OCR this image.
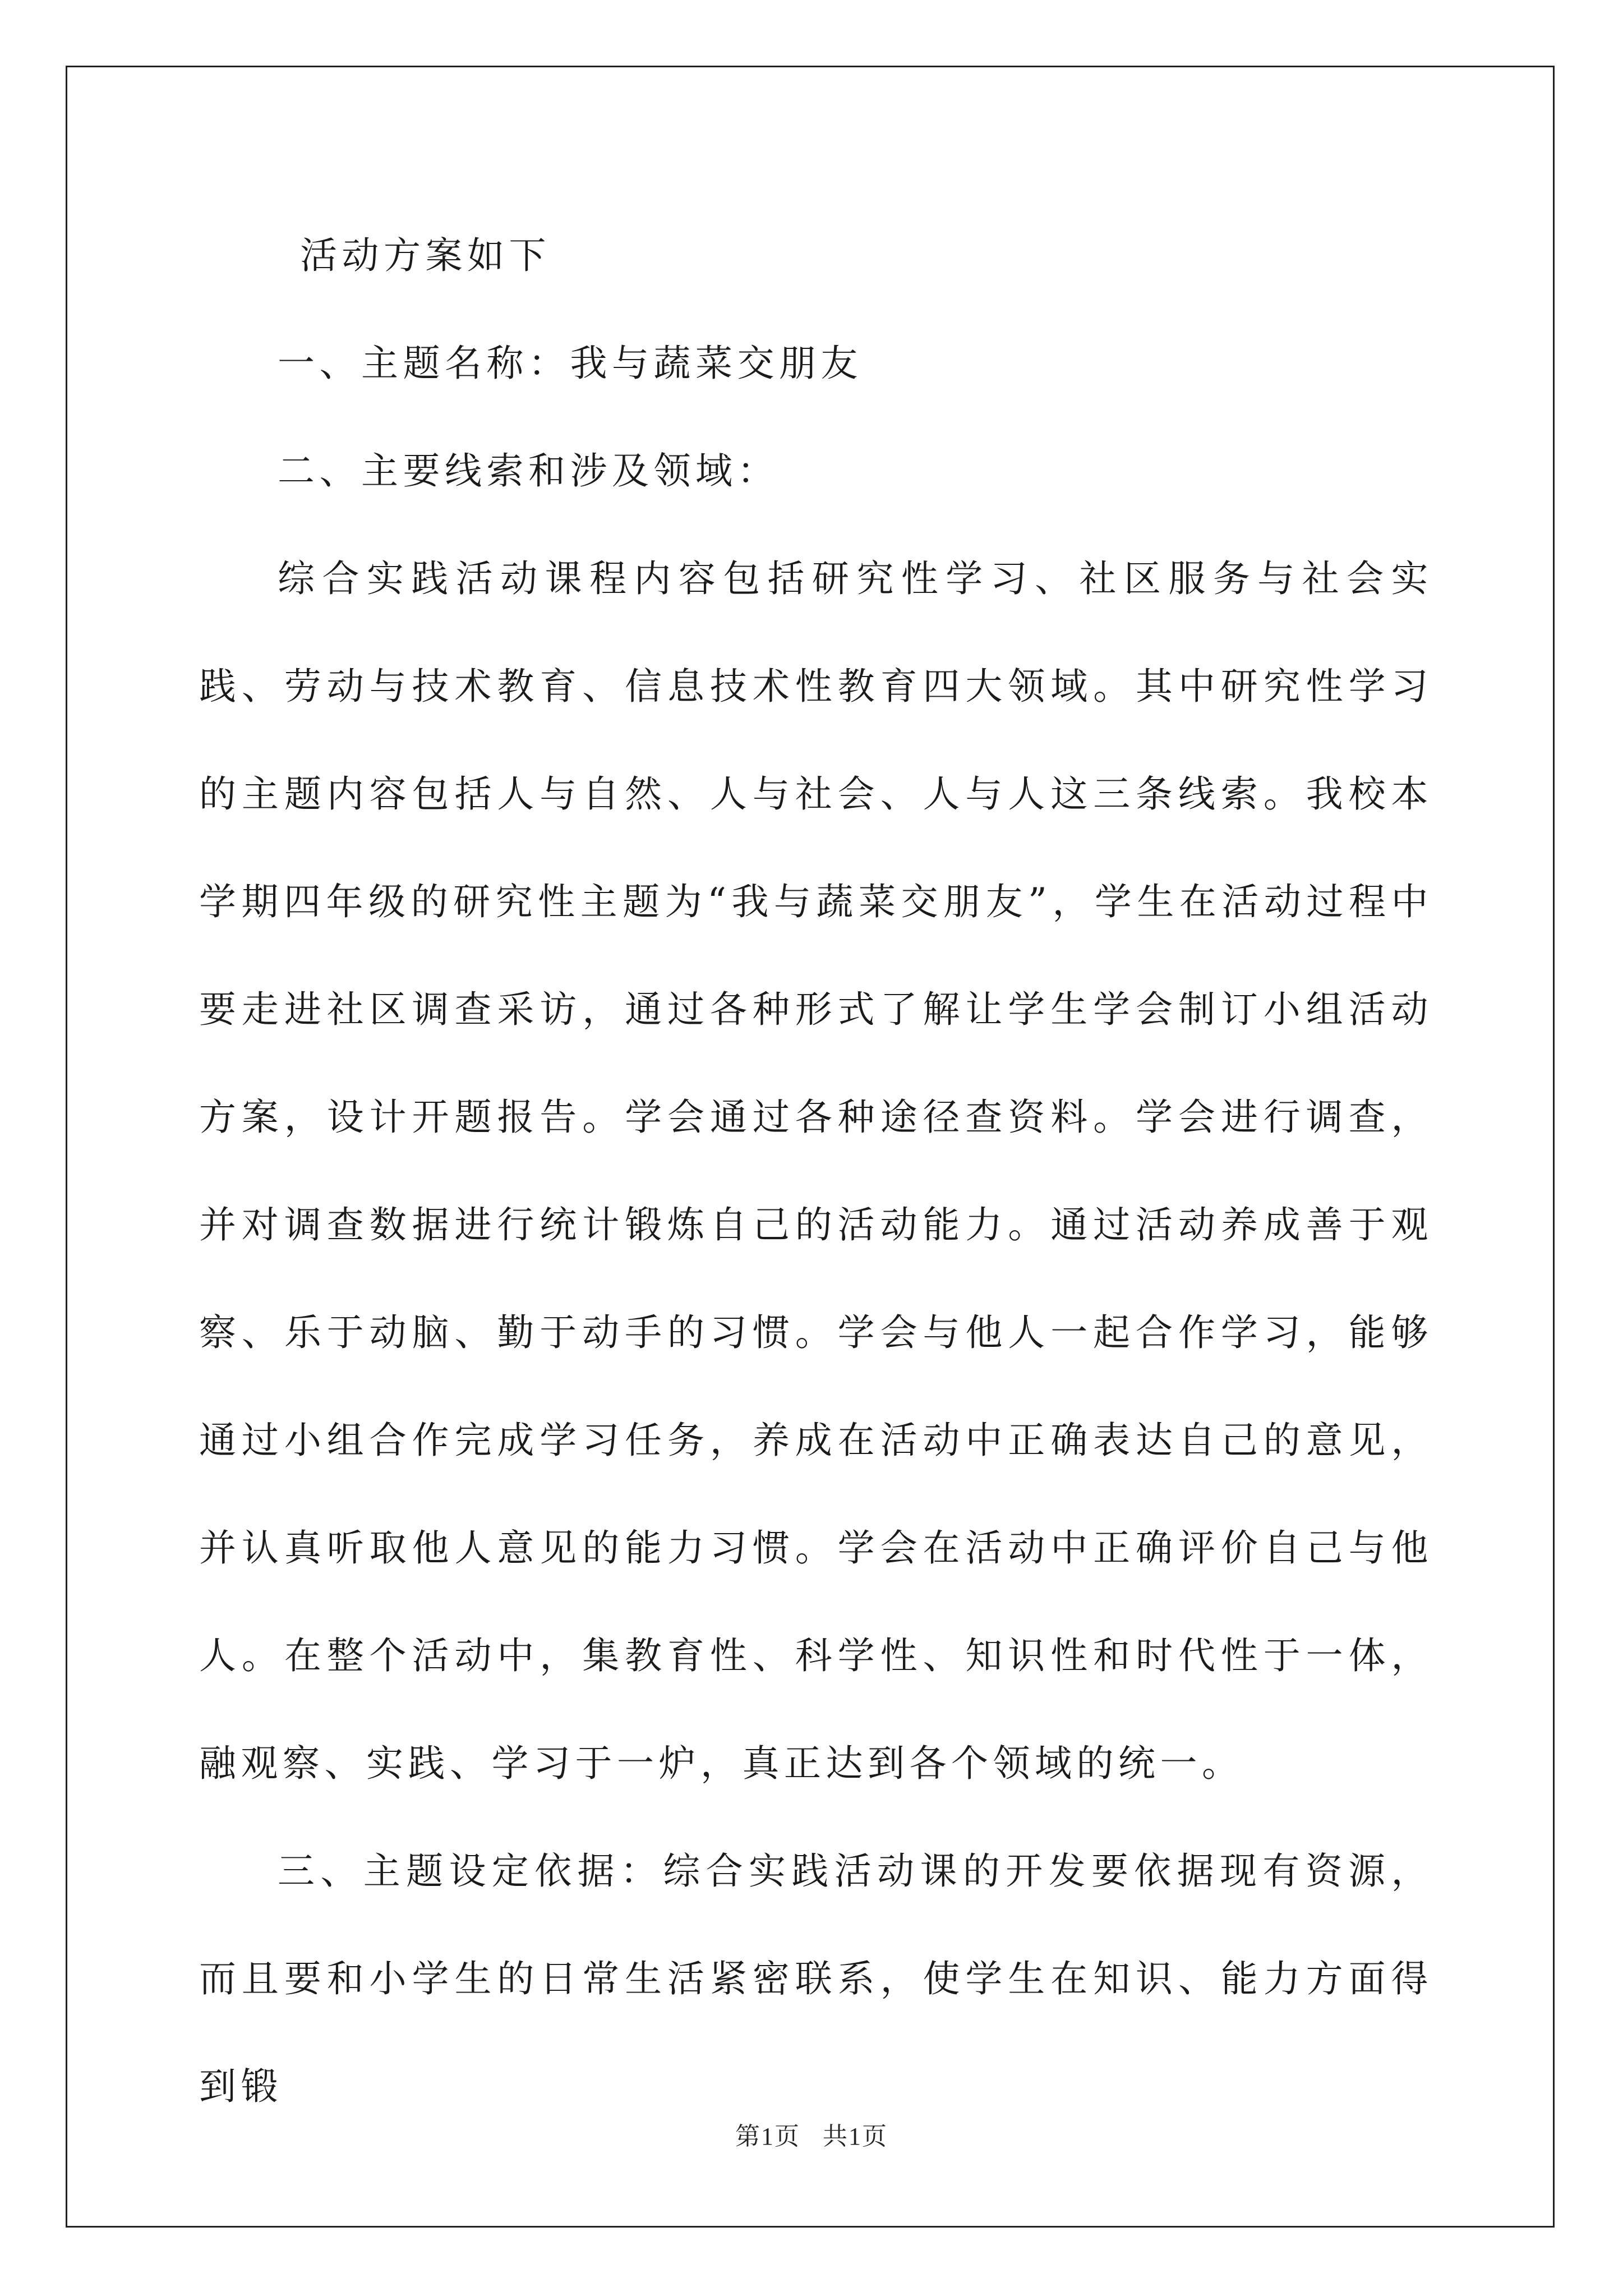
活动方案如下

一、主题名称：我与蔬菜交朋友

二、主要线索和涉及领域：

综合实践活动课程内容包括研究性学习、社区服务与社会实践、劳动与技术教育、信息技术性教育四大领域。其中研究性学习的主题内容包括人与自然、人与社会、人与人这三条线索。我校本学期四年级的研究性主题为“我与蔬菜交朋友”，学生在活动过程中要走进社区调查采访，通过各种形式了解让学生学会制订小组活动方案，设计开题报告。学会通过各种途径查资料。学会进行调查，并对调查数据进行统计锻炼自己的活动能力。通过活动养成善于观察、乐于动脑、勤于动手的习惯。学会与他人一起合作学习，能够通过小组合作完成学习任务，养成在活动中正确表达自己的意见，并认真听取他人意见的能力习惯。学会在活动中正确评价自己与他人。在整个活动中，集教育性、科学性、知识性和时代性于一体，融观察、实践、学习于一炉，真正达到各个领域的统一。

三、主题设定依据：综合实践活动课的开发要依据现有资源，而且要和小学生的日常生活紧密联系，使学生在知识、能力方面得到锻

第1页 共1页
